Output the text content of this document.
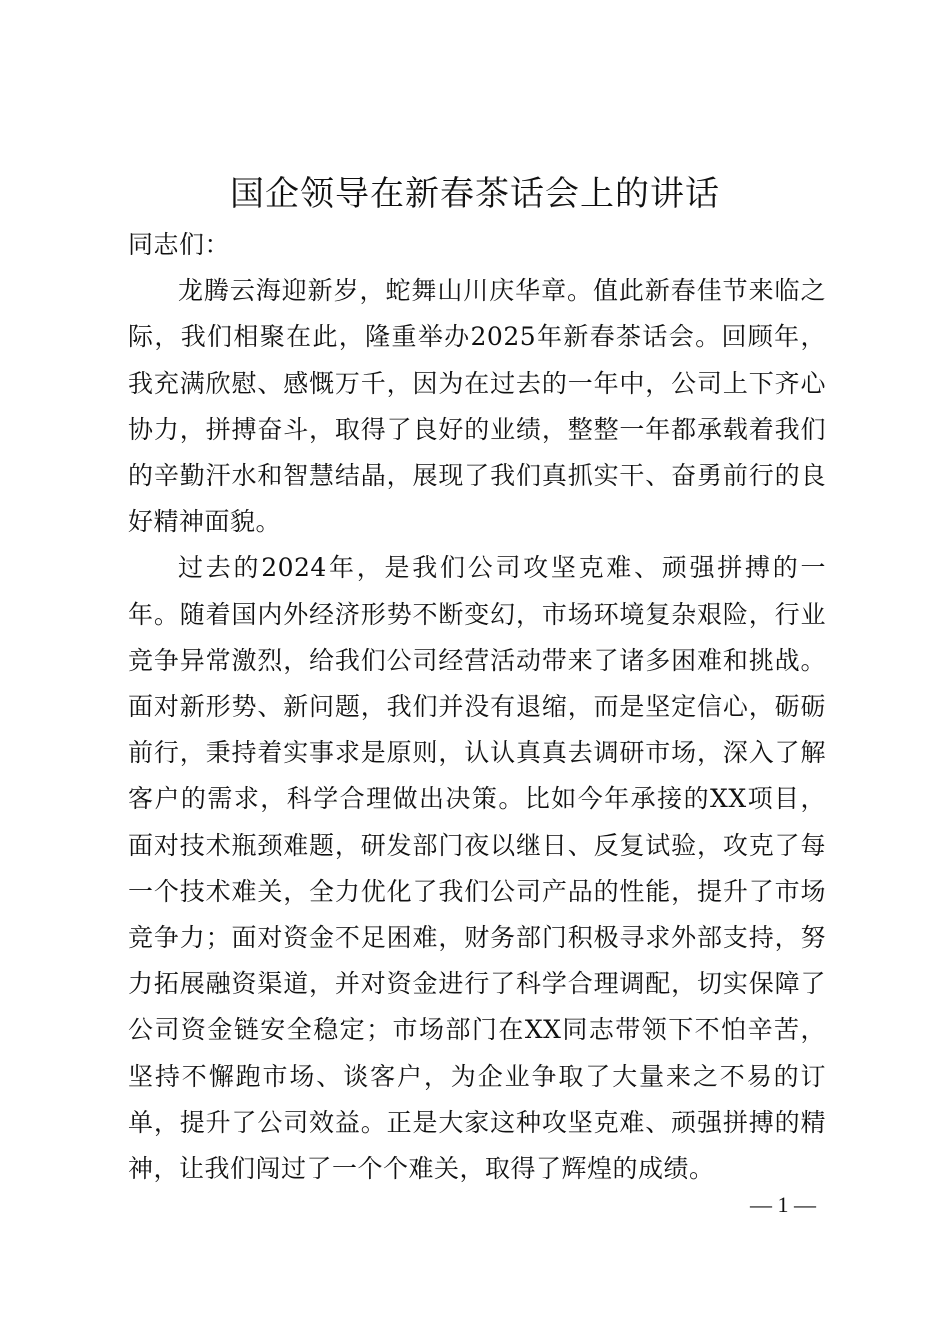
国企领导在新春茶话会上的讲话

同志们：

龙腾云海迎新岁，蛇舞山川庆华章。值此新春佳节来临之际，我们相聚在此，隆重举办2025年新春茶话会。回顾年，我充满欣慰、感慨万千，因为在过去的一年中，公司上下齐心协力，拼搏奋斗，取得了良好的业绩，整整一年都承载着我们的辛勤汗水和智慧结晶，展现了我们真抓实干、奋勇前行的良好精神面貌。

过去的2024年，是我们公司攻坚克难、顽强拼搏的一年。随着国内外经济形势不断变幻，市场环境复杂艰险，行业竞争异常激烈，给我们公司经营活动带来了诸多困难和挑战。面对新形势、新问题，我们并没有退缩，而是坚定信心，砺砺前行，秉持着实事求是原则，认认真真去调研市场，深入了解客户的需求，科学合理做出决策。比如今年承接的XX项目，面对技术瓶颈难题，研发部门夜以继日、反复试验，攻克了每一个技术难关，全力优化了我们公司产品的性能，提升了市场竞争力；面对资金不足困难，财务部门积极寻求外部支持，努力拓展融资渠道，并对资金进行了科学合理调配，切实保障了公司资金链安全稳定；市场部门在XX同志带领下不怕辛苦，坚持不懈跑市场、谈客户，为企业争取了大量来之不易的订单，提升了公司效益。正是大家这种攻坚克难、顽强拼搏的精神，让我们闯过了一个个难关，取得了辉煌的成绩。

— 1 —
